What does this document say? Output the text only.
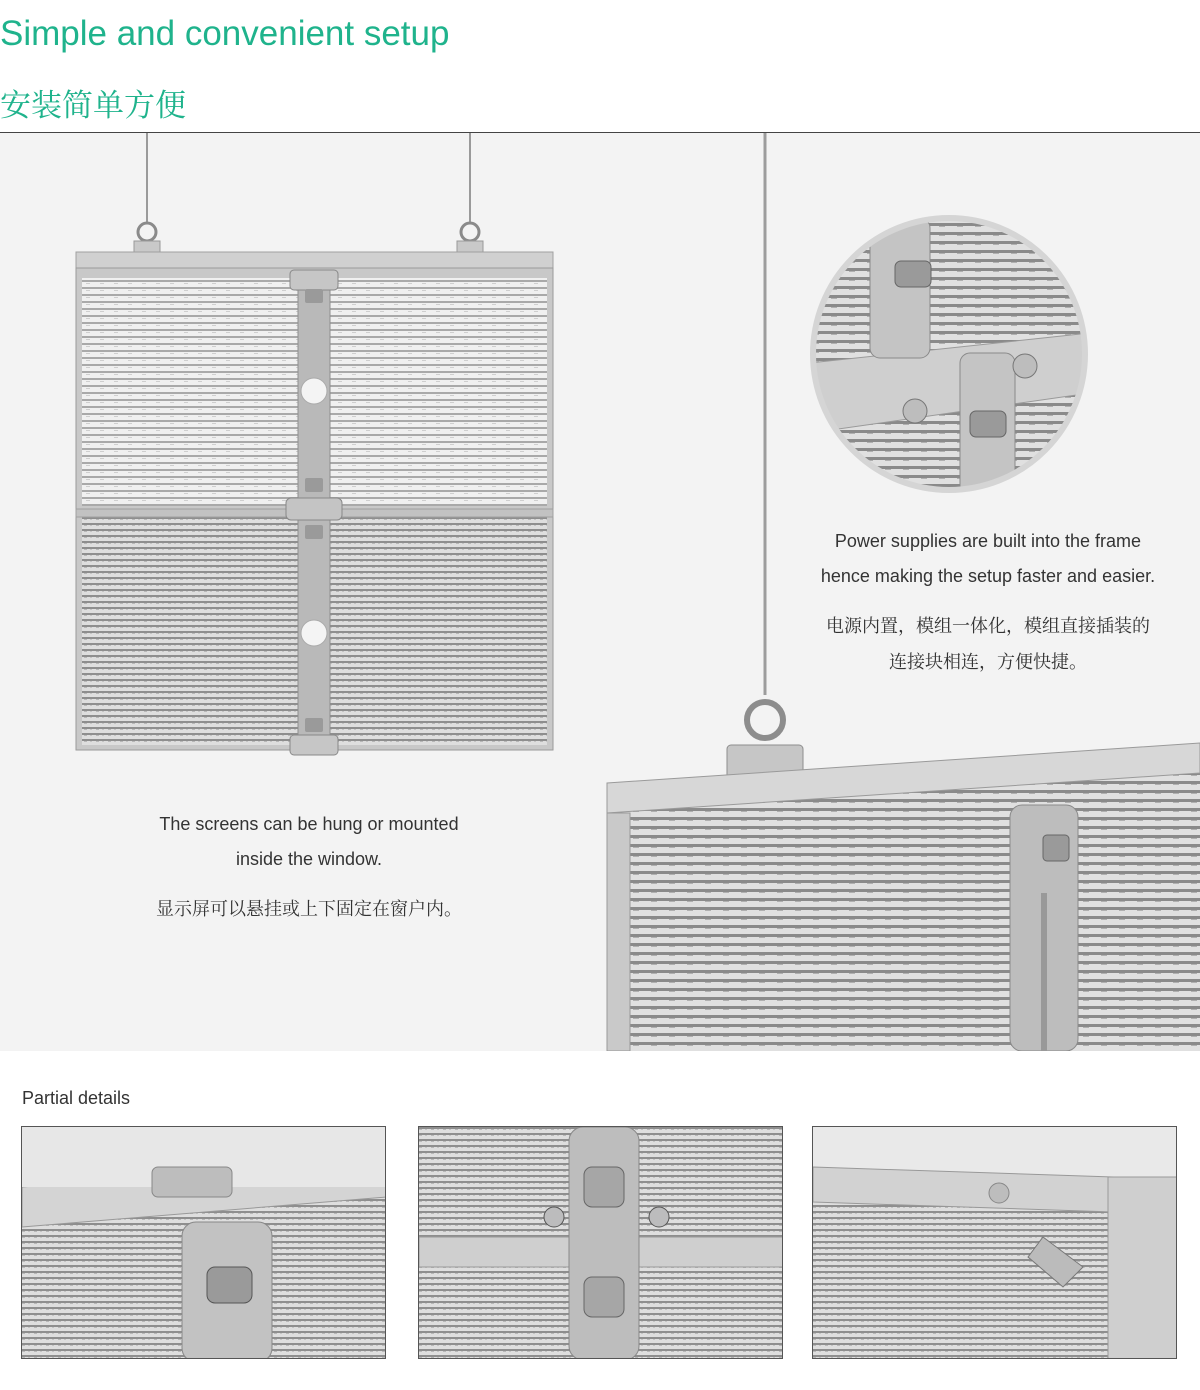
Simple and convenient setup
安装简单方便
The screens can be hung or mounted
inside the window.
显示屏可以悬挂或上下固定在窗户内。
Power supplies are built into the frame
hence making the setup faster and easier.
电源内置，模组一体化，模组直接插装的
连接块相连，方便快捷。
Partial details
